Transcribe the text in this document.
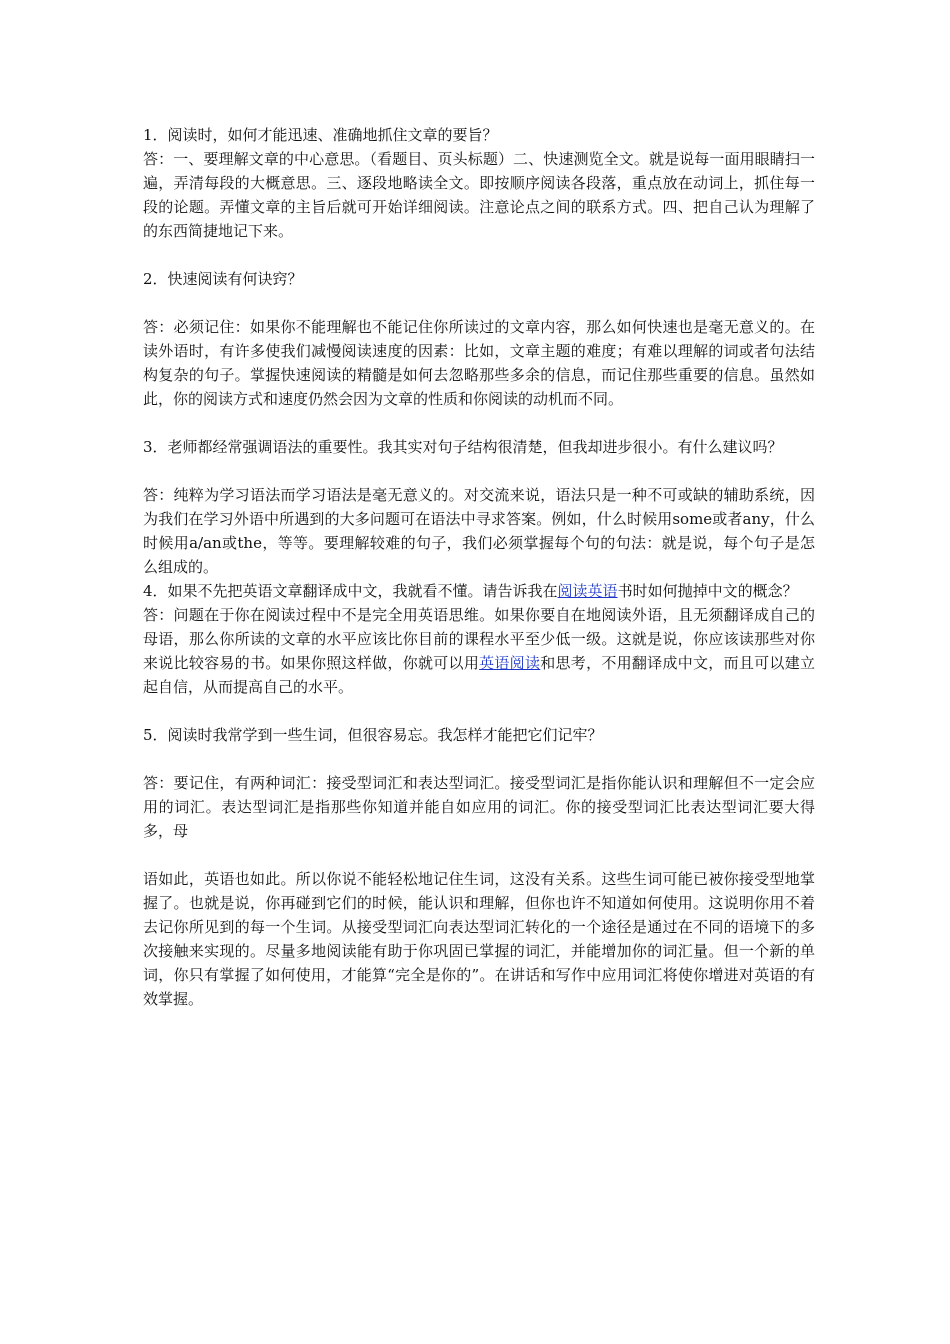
1．阅读时，如何才能迅速、准确地抓住文章的要旨？

答：一、要理解文章的中心意思。（看题目、页头标题）二、快速测览全文。就是说每一面用眼睛扫一遍，弄清每段的大概意思。三、逐段地略读全文。即按顺序阅读各段落，重点放在动词上，抓住每一段的论题。弄懂文章的主旨后就可开始详细阅读。注意论点之间的联系方式。四、把自己认为理解了的东西简捷地记下来。

2．快速阅读有何诀窍？

答：必须记住：如果你不能理解也不能记住你所读过的文章内容，那么如何快速也是毫无意义的。在读外语时，有许多使我们减慢阅读速度的因素：比如，文章主题的难度；有难以理解的词或者句法结构复杂的句子。掌握快速阅读的精髓是如何去忽略那些多余的信息，而记住那些重要的信息。虽然如此，你的阅读方式和速度仍然会因为文章的性质和你阅读的动机而不同。

3．老师都经常强调语法的重要性。我其实对句子结构很清楚，但我却进步很小。有什么建议吗？

答：纯粹为学习语法而学习语法是毫无意义的。对交流来说，语法只是一种不可或缺的辅助系统，因为我们在学习外语中所遇到的大多问题可在语法中寻求答案。例如，什么时候用some或者any，什么时候用a/an或the，等等。要理解较难的句子，我们必须掌握每个句的句法：就是说，每个句子是怎么组成的。

4．如果不先把英语文章翻译成中文，我就看不懂。请告诉我在阅读英语书时如何抛掉中文的概念？

答：问题在于你在阅读过程中不是完全用英语思维。如果你要自在地阅读外语，且无须翻译成自己的母语，那么你所读的文章的水平应该比你目前的课程水平至少低一级。这就是说，你应该读那些对你来说比较容易的书。如果你照这样做，你就可以用英语阅读和思考，不用翻译成中文，而且可以建立起自信，从而提高自己的水平。

5．阅读时我常学到一些生词，但很容易忘。我怎样才能把它们记牢？

答：要记住，有两种词汇：接受型词汇和表达型词汇。接受型词汇是指你能认识和理解但不一定会应用的词汇。表达型词汇是指那些你知道并能自如应用的词汇。你的接受型词汇比表达型词汇要大得多，母

语如此，英语也如此。所以你说不能轻松地记住生词，这没有关系。这些生词可能已被你接受型地掌握了。也就是说，你再碰到它们的时候，能认识和理解，但你也许不知道如何使用。这说明你用不着去记你所见到的每一个生词。从接受型词汇向表达型词汇转化的一个途径是通过在不同的语境下的多次接触来实现的。尽量多地阅读能有助于你巩固已掌握的词汇，并能增加你的词汇量。但一个新的单词，你只有掌握了如何使用，才能算“完全是你的”。在讲话和写作中应用词汇将使你增进对英语的有效掌握。
